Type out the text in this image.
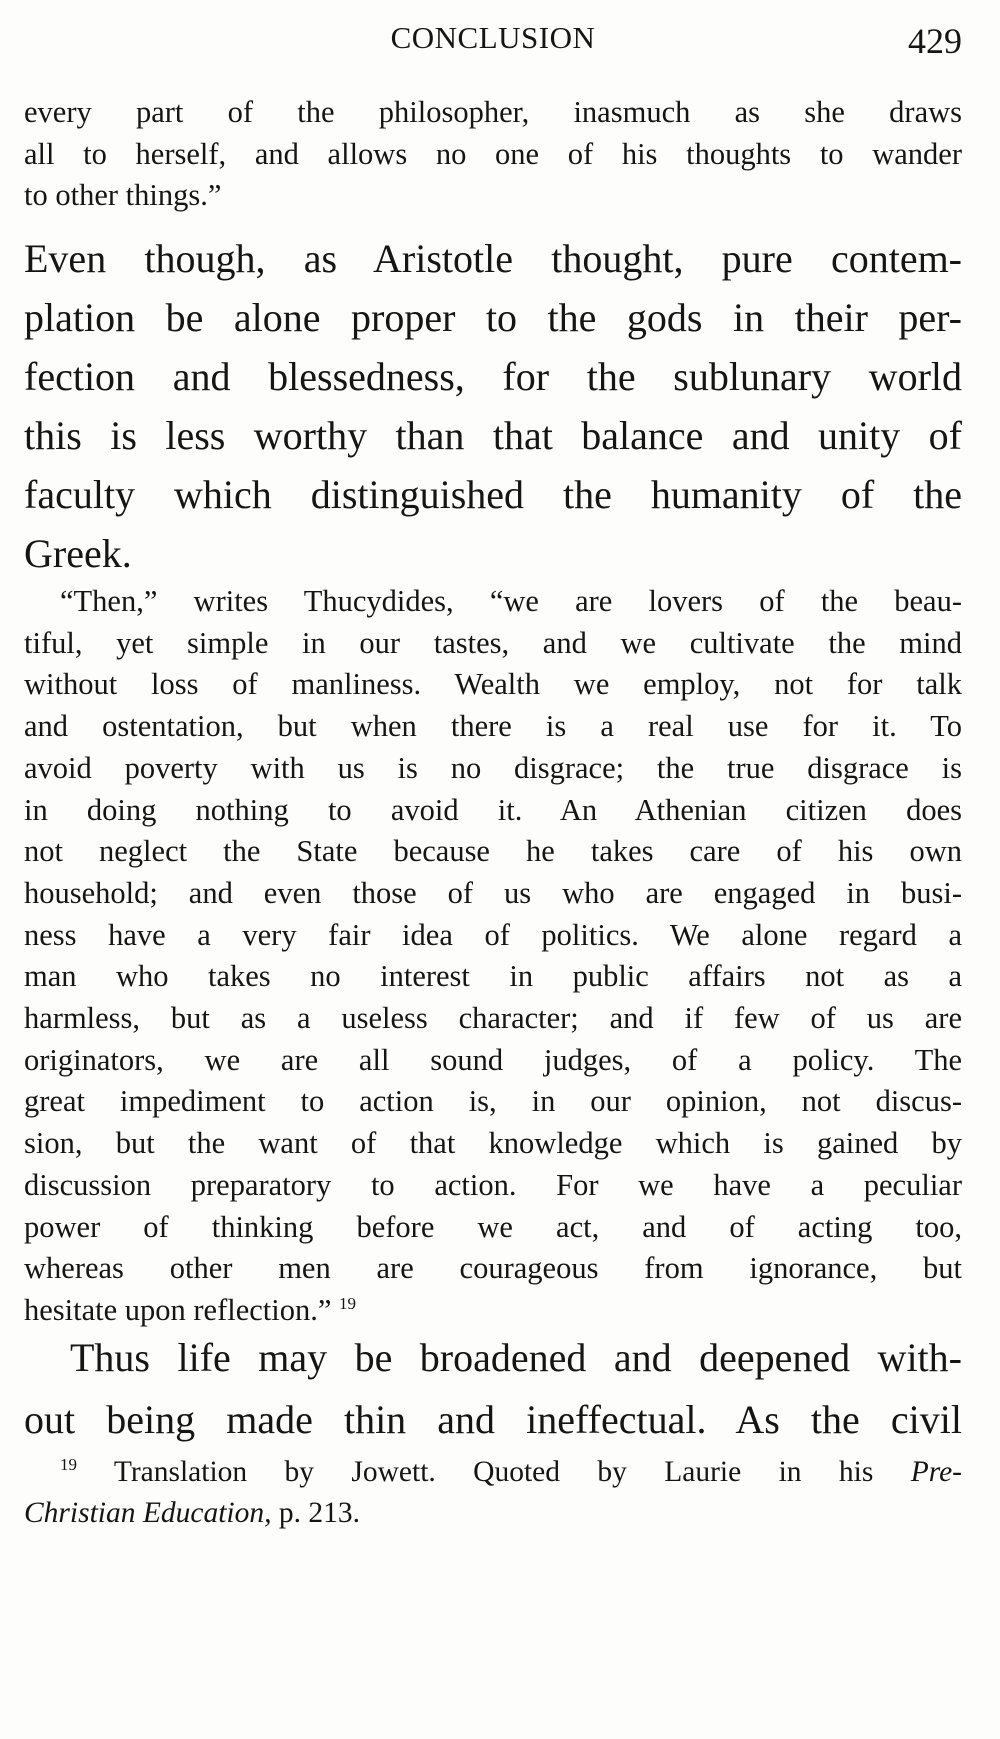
CONCLUSION	429
every part of the philosopher, inasmuch as she draws
all to herself, and allows no one of his thoughts to wander
to other things.”
Even though, as Aristotle thought, pure contem-
plation be alone proper to the gods in their per-
fection and blessedness, for the sublunary world
this is less worthy than that balance and unity of
faculty which distinguished the humanity of the
Greek.
“Then,” writes Thucydides, “we are lovers of the beau-
tiful, yet simple in our tastes, and we cultivate the mind
without loss of manliness. Wealth we employ, not for talk
and ostentation, but when there is a real use for it. To
avoid poverty with us is no disgrace; the true disgrace is
in doing nothing to avoid it. An Athenian citizen does
not neglect the State because he takes care of his own
household; and even those of us who are engaged in busi-
ness have a very fair idea of politics. We alone regard a
man who takes no interest in public affairs not as a
harmless, but as a useless character; and if few of us are
originators, we are all sound judges, of a policy. The
great impediment to action is, in our opinion, not discus-
sion, but the want of that knowledge which is gained by
discussion preparatory to action. For we have a peculiar
power of thinking before we act, and of acting too,
whereas other men are courageous from ignorance, but
hesitate upon reflection.” $^{19}$
Thus life may be broadened and deepened with-
out being made thin and ineffectual. As the civil
$^{19}$ Translation by Jowett. Quoted by Laurie in his Pre-
Christian Education, p. 213.
